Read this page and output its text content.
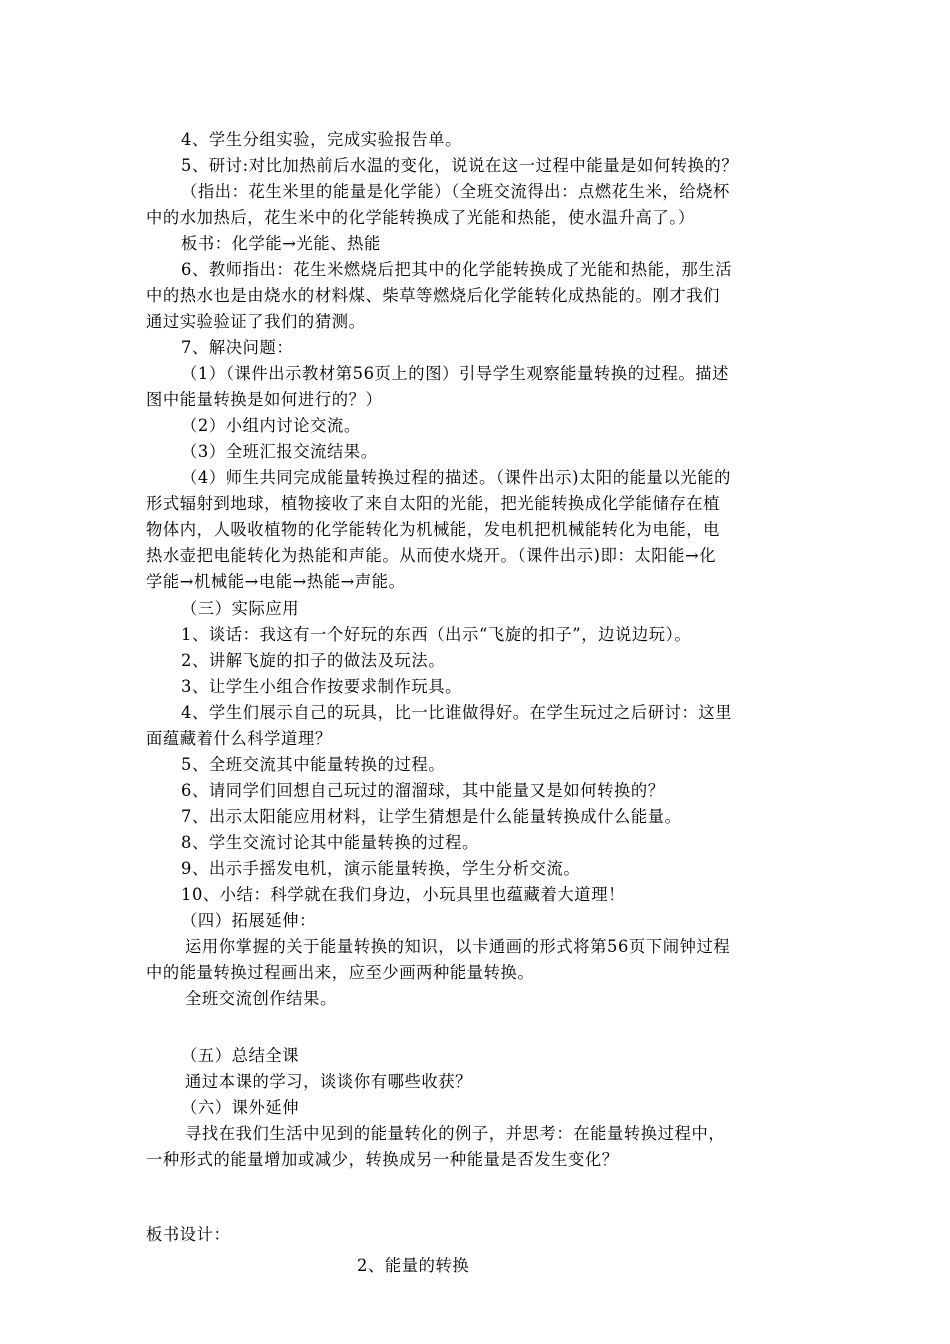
4、学生分组实验，完成实验报告单。
5、研讨:对比加热前后水温的变化，说说在这一过程中能量是如何转换的？
（指出：花生米里的能量是化学能）（全班交流得出：点燃花生米，给烧杯
中的水加热后，花生米中的化学能转换成了光能和热能，使水温升高了。）
板书：化学能→光能、热能
6、教师指出：花生米燃烧后把其中的化学能转换成了光能和热能，那生活
中的热水也是由烧水的材料煤、柴草等燃烧后化学能转化成热能的。刚才我们
通过实验验证了我们的猜测。
7、解决问题：
（1）（课件出示教材第56页上的图）引导学生观察能量转换的过程。描述
图中能量转换是如何进行的？）
（2）小组内讨论交流。
（3）全班汇报交流结果。
（4）师生共同完成能量转换过程的描述。（课件出示)太阳的能量以光能的
形式辐射到地球，植物接收了来自太阳的光能，把光能转换成化学能储存在植
物体内，人吸收植物的化学能转化为机械能，发电机把机械能转化为电能，电
热水壶把电能转化为热能和声能。从而使水烧开。（课件出示)即：太阳能→化
学能→机械能→电能→热能→声能。
（三）实际应用
1、谈话：我这有一个好玩的东西（出示“飞旋的扣子”，边说边玩）。
2、讲解飞旋的扣子的做法及玩法。
3、让学生小组合作按要求制作玩具。
4、学生们展示自己的玩具，比一比谁做得好。在学生玩过之后研讨：这里
面蕴藏着什么科学道理？
5、全班交流其中能量转换的过程。
6、请同学们回想自己玩过的溜溜球，其中能量又是如何转换的？
7、出示太阳能应用材料，让学生猜想是什么能量转换成什么能量。
8、学生交流讨论其中能量转换的过程。
9、出示手摇发电机，演示能量转换，学生分析交流。
10、小结：科学就在我们身边，小玩具里也蕴藏着大道理！
（四）拓展延伸：
运用你掌握的关于能量转换的知识，以卡通画的形式将第56页下闹钟过程
中的能量转换过程画出来，应至少画两种能量转换。
全班交流创作结果。
（五）总结全课
通过本课的学习，谈谈你有哪些收获？
（六）课外延伸
寻找在我们生活中见到的能量转化的例子，并思考：在能量转换过程中，
一种形式的能量增加或减少，转换成另一种能量是否发生变化？
板书设计：
2、能量的转换
